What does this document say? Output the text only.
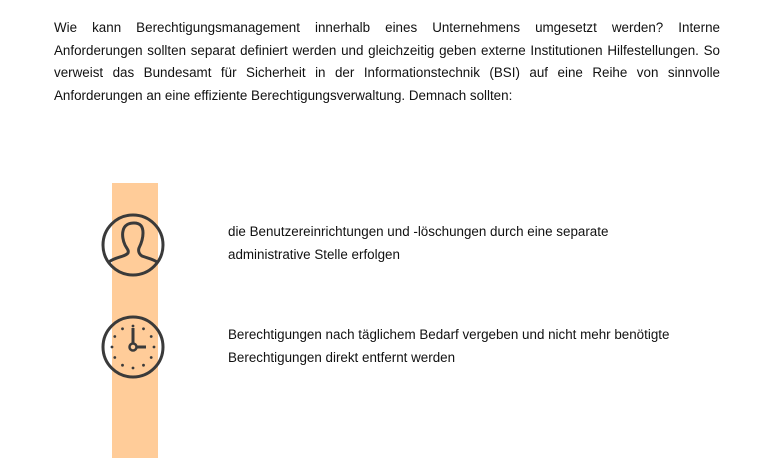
Wie kann Berechtigungsmanagement innerhalb eines Unternehmens umgesetzt werden? Interne Anforderungen sollten separat definiert werden und gleichzeitig geben externe Institutionen Hilfestellungen. So verweist das Bundesamt für Sicherheit in der Informationstechnik (BSI) auf eine Reihe von sinnvolle Anforderungen an eine effiziente Berechtigungsverwaltung. Demnach sollten:

die Benutzereinrichtungen und -löschungen durch eine separate administrative Stelle erfolgen

Berechtigungen nach täglichem Bedarf vergeben und nicht mehr benötigte Berechtigungen direkt entfernt werden
